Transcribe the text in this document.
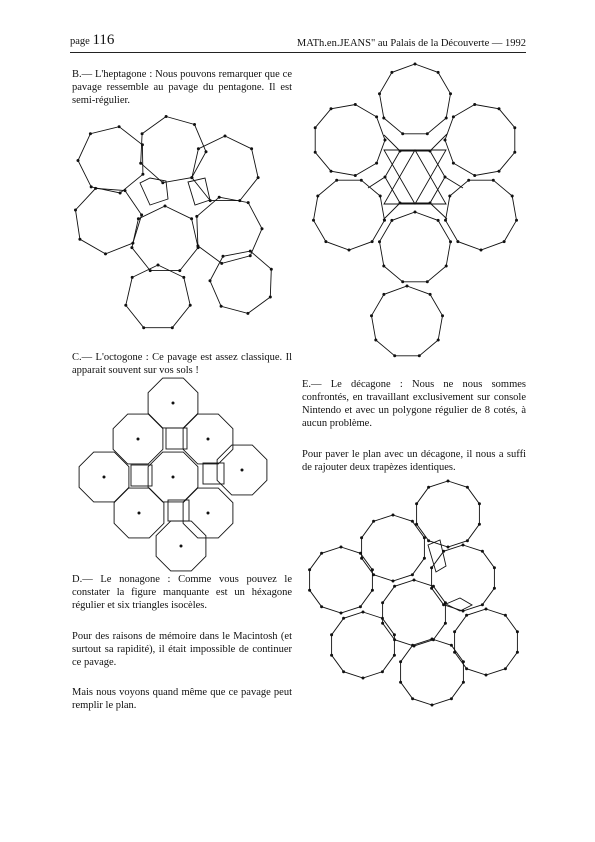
page 116	MATh.en.JEANS" au Palais de la Découverte — 1992

B.— L'heptagone : Nous pouvons remarquer que ce pavage ressemble au pavage du pentagone. Il est semi-régulier.

C.— L'octogone : Ce pavage est assez classique. Il apparait souvent sur vos sols !

D.— Le nonagone : Comme vous pouvez le constater la figure manquante est un héxagone régulier et six triangles isocèles.

Pour des raisons de mémoire dans le Macintosh (et surtout sa rapidité), il était impossible de continuer ce pavage.

Mais nous voyons quand même que ce pavage peut remplir le plan.

E.— Le décagone : Nous ne nous sommes confrontés, en travaillant exclusivement sur console Nintendo et avec un polygone régulier de 8 cotés, à aucun problème.

Pour paver le plan avec un décagone, il nous a suffi de rajouter deux trapèzes identiques.
